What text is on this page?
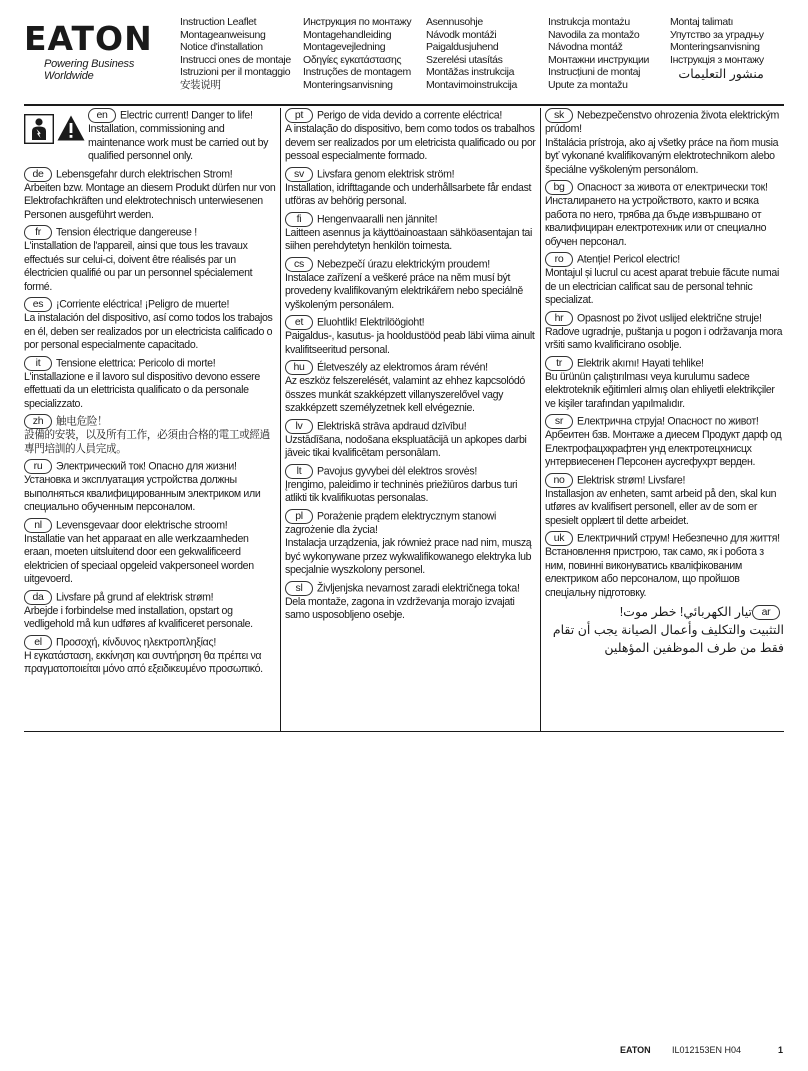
EATON
Powering Business Worldwide
Instruction Leaflet
Montageanweisung
Notice d'installation
Instrucci ones de montaje
Istruzioni per il montaggio
安装说明
Инструкция по монтажу
Montagehandleiding
Montagevejledning
Οδηγίες εγκατάστασης
Instruções de montagem
Monteringsanvisning
Asennusohje
Návodk montáži
Paigaldusjuhend
Szerelési utasítás
Montāžas instrukcija
Montavimoinstrukcija
Instrukcja montażu
Navodila za montažo
Návodna montáž
Монтажни инструкции
Instrucțiuni de montaj
Upute za montažu
Montaj talimatı
Упутство за уградњу
Monteringsanvisning
Інструкція з монтажу
منشور التعليمات
en Electric current! Danger to life!
Installation, commissioning and maintenance work must be carried out by qualified personnel only.
de Lebensgefahr durch elektrischen Strom!
Arbeiten bzw. Montage an diesem Produkt dürfen nur von Elektrofachkräften und elektrotechnisch unterwiesenen Personen ausgeführt werden.
fr Tension électrique dangereuse !
L'installation de l'appareil, ainsi que tous les travaux effectués sur celui-ci, doivent être réalisés par un électricien qualifié ou par un personnel spécialement formé.
es ¡Corriente eléctrica! ¡Peligro de muerte!
La instalación del dispositivo, así como todos los trabajos en él, deben ser realizados por un electricista calificado o por personal especialmente capacitado.
it Tensione elettrica: Pericolo di morte!
L'installazione e il lavoro sul dispositivo devono essere effettuati da un elettricista qualificato o da personale specializzato.
zh 触电危险！
設備的安裝，以及所有工作，必須由合格的電工或經過專門培訓的人員完成。
ru Электрический ток! Опасно для жизни!
Установка и эксплуатация устройства должны выполняться квалифицированным электриком или специально обученным персоналом.
nl Levensgevaar door elektrische stroom!
Installatie van het apparaat en alle werkzaamheden eraan, moeten uitsluitend door een gekwalificeerd elektricien of speciaal opgeleid vakpersoneel worden uitgevoerd.
da Livsfare på grund af elektrisk strøm!
Arbejde i forbindelse med installation, opstart og vedligehold må kun udføres af kvalificeret personale.
el Προσοχή, κίνδυνος ηλεκτροπληξίας!
Η εγκατάσταση, εκκίνηση και συντήρηση θα πρέπει να πραγματοποιείται μόνο από εξειδικευμένο προσωπικό.
pt Perigo de vida devido a corrente eléctrica!
A instalação do dispositivo, bem como todos os trabalhos devem ser realizados por um eletricista qualificado ou por pessoal especialmente formado.
sv Livsfara genom elektrisk ström!
Installation, idrifttagande och underhållsarbete får endast utföras av behörig personal.
fi Hengenvaaralli nen jännite!
Laitteen asennus ja käyttöainoastaan sähköasentajan tai siihen perehdytetyn henkilön toimesta.
cs Nebezpečí úrazu elektrickým proudem!
Instalace zařízení a veškeré práce na něm musí být provedeny kvalifikovaným elektrikářem nebo speciálně vyškoleným personálem.
et Eluohtlik! Elektrilöögioht!
Paigaldus-, kasutus- ja hooldustööd peab läbi viima ainult kvalifitseeritud personal.
hu Életveszély az elektromos áram révén!
Az eszköz felszerelését, valamint az ehhez kapcsolódó összes munkát szakképzett villanyszerelővel vagy szakképzett személyzetnek kell elvégeznie.
lv Elektriskā strāva apdraud dzīvību!
Uzstādīšana, nodošana ekspluatācijā un apkopes darbi jāveic tikai kvalificētam personālam.
lt Pavojus gyvybei dėl elektros srovės!
Įrengimo, paleidimo ir techninės priežiūros darbus turi atlikti tik kvalifikuotas personalas.
pl Porażenie prądem elektrycznym stanowi zagrożenie dla życia!
Instalacja urządzenia, jak również prace nad nim, muszą być wykonywane przez wykwalifikowanego elektryka lub specjalnie wyszkolony personel.
sl Življenjska nevarnost zaradi električnega toka!
Dela montaže, zagona in vzdrževanja morajo izvajati samo usposobljeno osebje.
sk Nebezpečenstvo ohrozenia života elektrickým prúdom!
Inštalácia prístroja, ako aj všetky práce na ňom musia byť vykonané kvalifikovaným elektrotechnikom alebo špeciálne vyškoleným personálom.
bg Опасност за живота от електрически ток!
Инсталирането на устройството, както и всяка работа по него, трябва да бъде извършвано от квалифициран електротехник или от специално обучен персонал.
ro Atenție! Pericol electric!
Montajul și lucrul cu acest aparat trebuie făcute numai de un electrician calificat sau de personal tehnic specializat.
hr Opasnost po život uslijed električne struje!
Radove ugradnje, puštanja u pogon i održavanja mora vršiti samo kvalificirano osoblje.
tr Elektrik akımı! Hayati tehlike!
Bu ürünün çalıştırılması veya kurulumu sadece elektroteknik eğitimleri almış olan ehliyetli elektrikçiler ve kişiler tarafından yapılmalıdır.
sr Електрична струја! Опасност по живот!
Арбеитен бзв. Монтаже а диесем Продукт дарф од Електрофацхкрафтен унд електротецхнисцх унтервиесенен Персонен аусгефухрт верден.
no Elektrisk strøm! Livsfare!
Installasjon av enheten, samt arbeid på den, skal kun utføres av kvalifisert personell, eller av de som er spesielt opplært til dette arbeidet.
uk Електричний струм! Небезпечно для життя!
Встановлення пристрою, так само, як і робота з ним, повинні виконуватись кваліфікованим електриком або персоналом, що пройшов спеціальну підготовку.
arتيار الكهربائي! خطر موت!
التثبيت والتكليف وأعمال الصيانة يجب أن تقام فقط من طرف الموظفين المؤهلين
EATON IL012153EN H04	1
